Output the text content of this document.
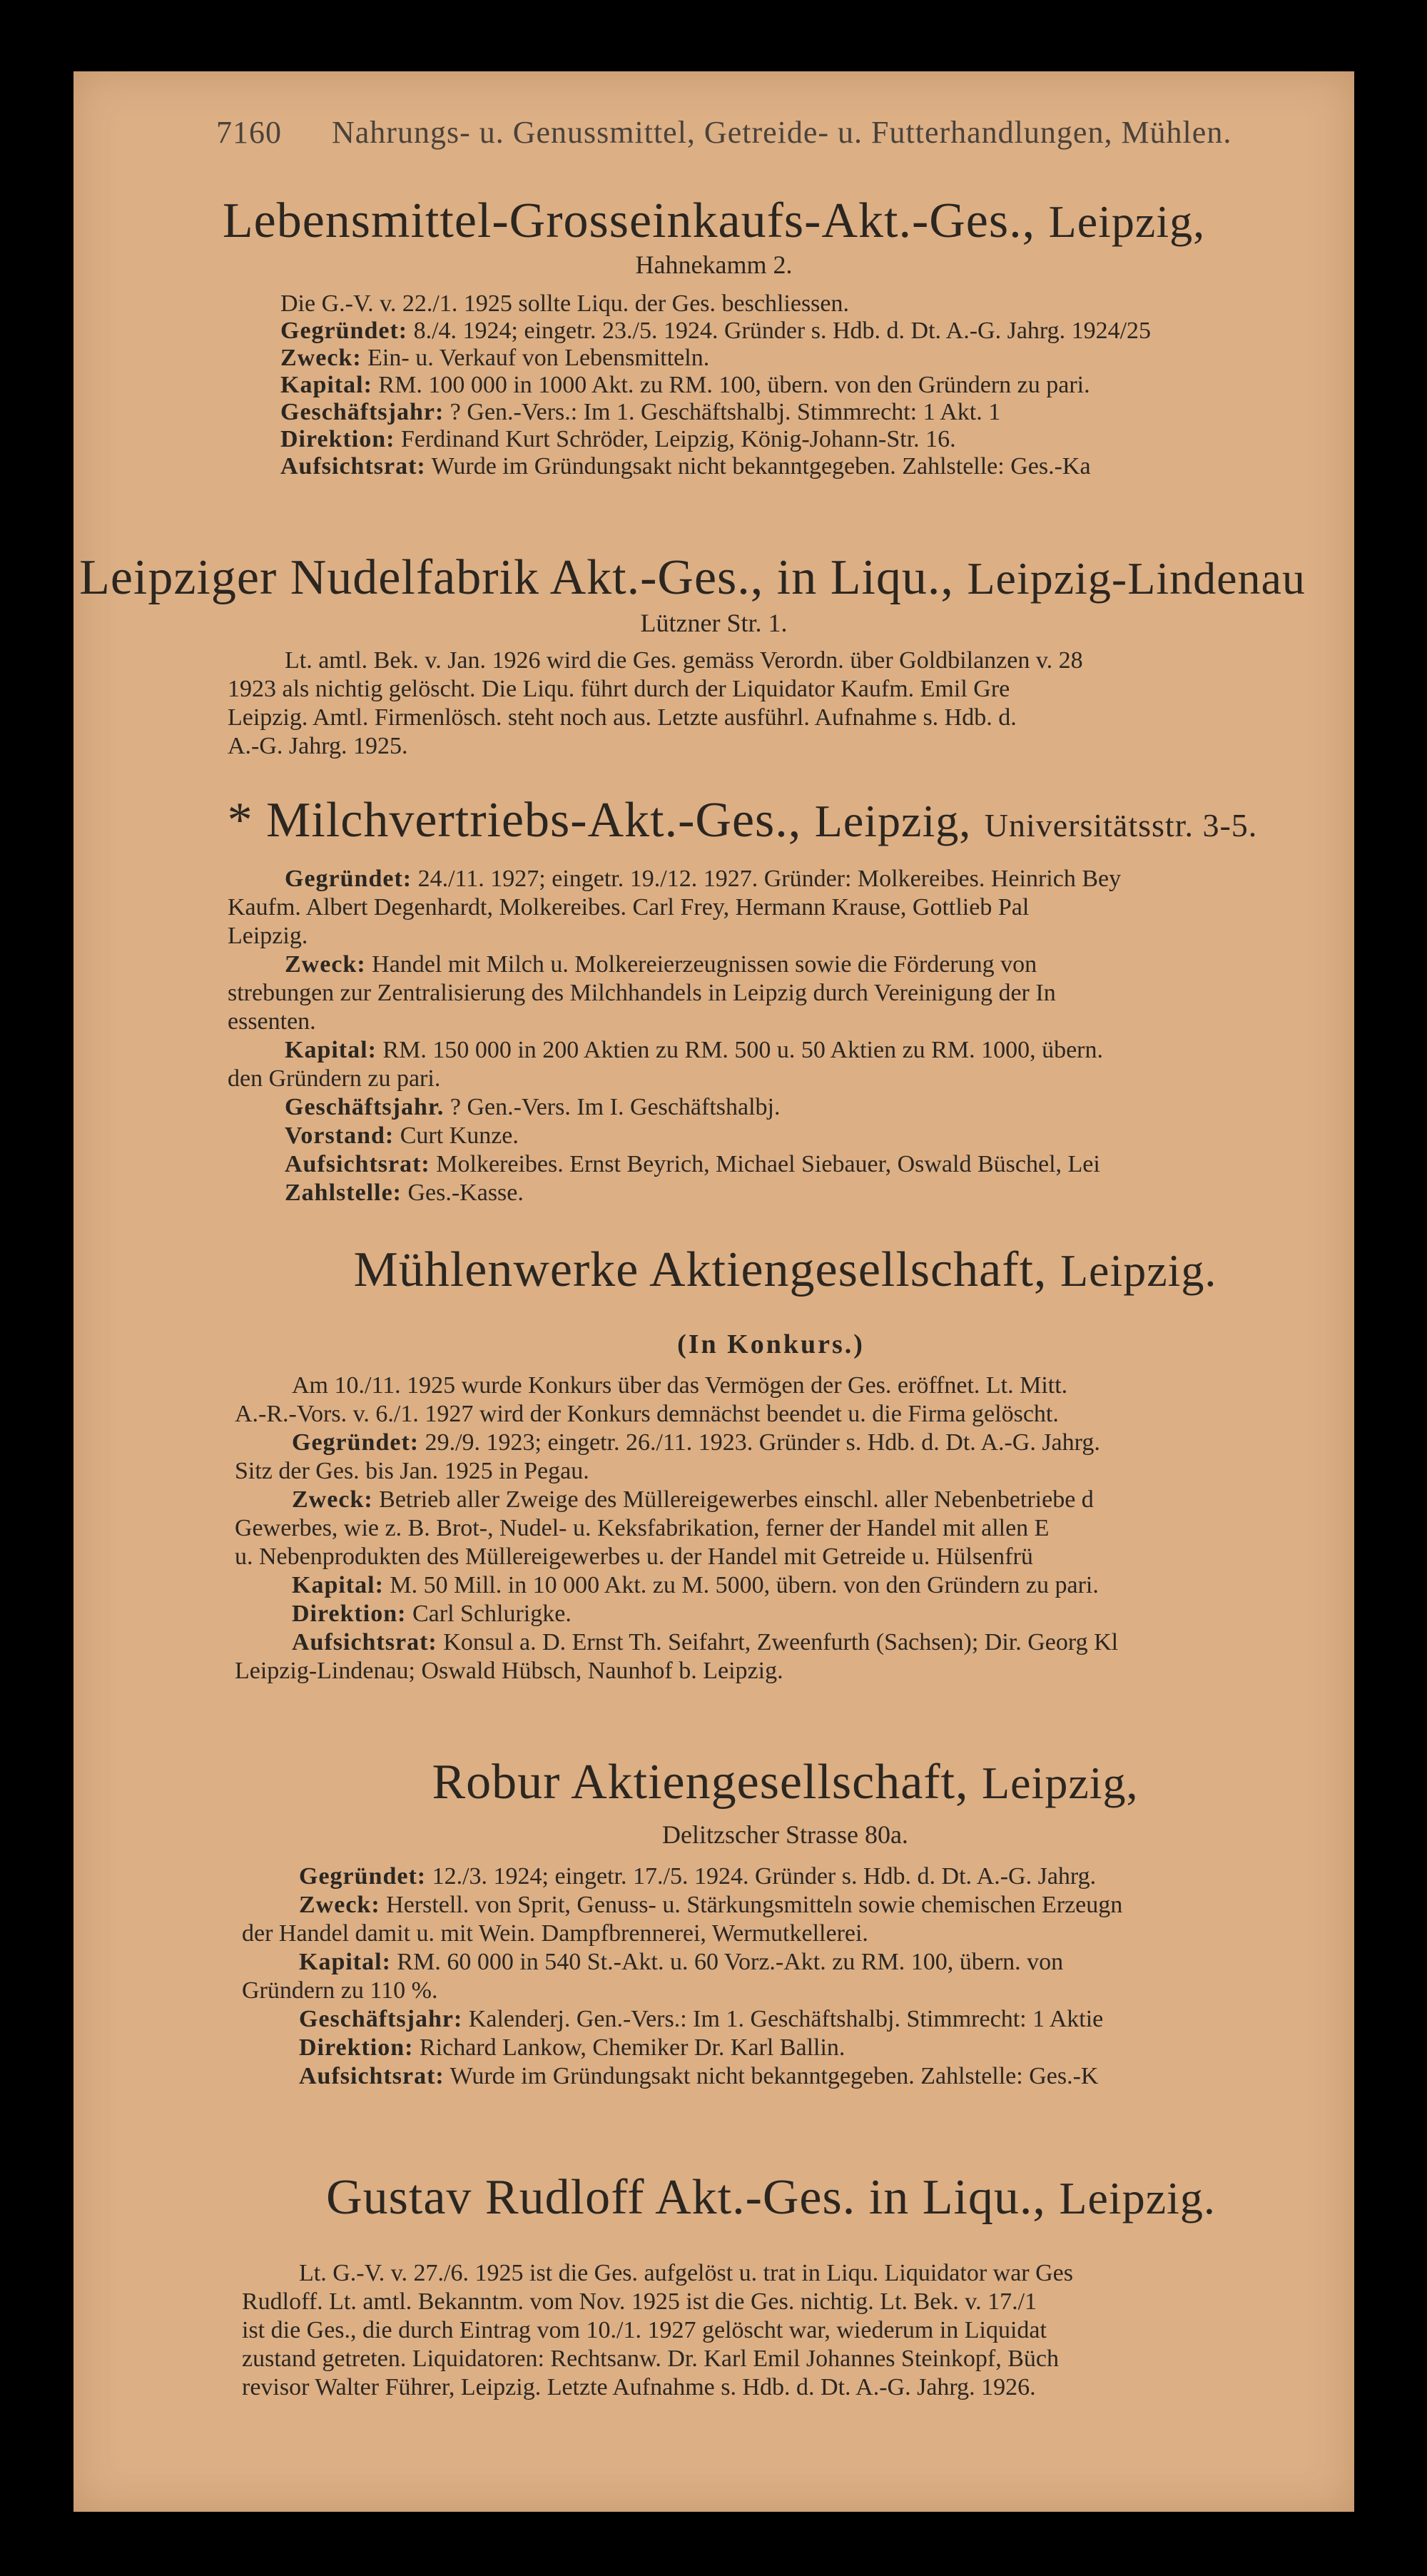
7160 Nahrungs- u. Genussmittel, Getreide- u. Futterhandlungen, Mühlen.
Lebensmittel-Grosseinkaufs-Akt.-Ges., Leipzig,
Hahnekamm 2.
Die G.-V. v. 22./1. 1925 sollte Liqu. der Ges. beschliessen.
Gegründet: 8./4. 1924; eingetr. 23./5. 1924. Gründer s. Hdb. d. Dt. A.-G. Jahrg. 1924/25
Zweck: Ein- u. Verkauf von Lebensmitteln.
Kapital: RM. 100 000 in 1000 Akt. zu RM. 100, übern. von den Gründern zu pari.
Geschäftsjahr: ? Gen.-Vers.: Im 1. Geschäftshalbj. Stimmrecht: 1 Akt. 1
Direktion: Ferdinand Kurt Schröder, Leipzig, König-Johann-Str. 16.
Aufsichtsrat: Wurde im Gründungsakt nicht bekanntgegeben. Zahlstelle: Ges.-Ka
Leipziger Nudelfabrik Akt.-Ges., in Liqu., Leipzig-Lindenau
Lützner Str. 1.
Lt. amtl. Bek. v. Jan. 1926 wird die Ges. gemäss Verordn. über Goldbilanzen v. 28
1923 als nichtig gelöscht. Die Liqu. führt durch der Liquidator Kaufm. Emil Gre
Leipzig. Amtl. Firmenlösch. steht noch aus. Letzte ausführl. Aufnahme s. Hdb. d.
A.-G. Jahrg. 1925.
* Milchvertriebs-Akt.-Ges., Leipzig, Universitätsstr. 3-5.
Gegründet: 24./11. 1927; eingetr. 19./12. 1927. Gründer: Molkereibes. Heinrich Bey
Kaufm. Albert Degenhardt, Molkereibes. Carl Frey, Hermann Krause, Gottlieb Pal
Leipzig.
Zweck: Handel mit Milch u. Molkereierzeugnissen sowie die Förderung von
strebungen zur Zentralisierung des Milchhandels in Leipzig durch Vereinigung der In
essenten.
Kapital: RM. 150 000 in 200 Aktien zu RM. 500 u. 50 Aktien zu RM. 1000, übern.
den Gründern zu pari.
Geschäftsjahr. ? Gen.-Vers. Im I. Geschäftshalbj.
Vorstand: Curt Kunze.
Aufsichtsrat: Molkereibes. Ernst Beyrich, Michael Siebauer, Oswald Büschel, Lei
Zahlstelle: Ges.-Kasse.
Mühlenwerke Aktiengesellschaft, Leipzig.
(In Konkurs.)
Am 10./11. 1925 wurde Konkurs über das Vermögen der Ges. eröffnet. Lt. Mitt.
A.-R.-Vors. v. 6./1. 1927 wird der Konkurs demnächst beendet u. die Firma gelöscht.
Gegründet: 29./9. 1923; eingetr. 26./11. 1923. Gründer s. Hdb. d. Dt. A.-G. Jahrg.
Sitz der Ges. bis Jan. 1925 in Pegau.
Zweck: Betrieb aller Zweige des Müllereigewerbes einschl. aller Nebenbetriebe d
Gewerbes, wie z. B. Brot-, Nudel- u. Keksfabrikation, ferner der Handel mit allen E
u. Nebenprodukten des Müllereigewerbes u. der Handel mit Getreide u. Hülsenfrü
Kapital: M. 50 Mill. in 10 000 Akt. zu M. 5000, übern. von den Gründern zu pari.
Direktion: Carl Schlurigke.
Aufsichtsrat: Konsul a. D. Ernst Th. Seifahrt, Zweenfurth (Sachsen); Dir. Georg Kl
Leipzig-Lindenau; Oswald Hübsch, Naunhof b. Leipzig.
Robur Aktiengesellschaft, Leipzig,
Delitzscher Strasse 80a.
Gegründet: 12./3. 1924; eingetr. 17./5. 1924. Gründer s. Hdb. d. Dt. A.-G. Jahrg.
Zweck: Herstell. von Sprit, Genuss- u. Stärkungsmitteln sowie chemischen Erzeugn
der Handel damit u. mit Wein. Dampfbrennerei, Wermutkellerei.
Kapital: RM. 60 000 in 540 St.-Akt. u. 60 Vorz.-Akt. zu RM. 100, übern. von
Gründern zu 110 %.
Geschäftsjahr: Kalenderj. Gen.-Vers.: Im 1. Geschäftshalbj. Stimmrecht: 1 Aktie
Direktion: Richard Lankow, Chemiker Dr. Karl Ballin.
Aufsichtsrat: Wurde im Gründungsakt nicht bekanntgegeben. Zahlstelle: Ges.-K
Gustav Rudloff Akt.-Ges. in Liqu., Leipzig.
Lt. G.-V. v. 27./6. 1925 ist die Ges. aufgelöst u. trat in Liqu. Liquidator war Ges
Rudloff. Lt. amtl. Bekanntm. vom Nov. 1925 ist die Ges. nichtig. Lt. Bek. v. 17./1
ist die Ges., die durch Eintrag vom 10./1. 1927 gelöscht war, wiederum in Liquidat
zustand getreten. Liquidatoren: Rechtsanw. Dr. Karl Emil Johannes Steinkopf, Büch
revisor Walter Führer, Leipzig. Letzte Aufnahme s. Hdb. d. Dt. A.-G. Jahrg. 1926.
